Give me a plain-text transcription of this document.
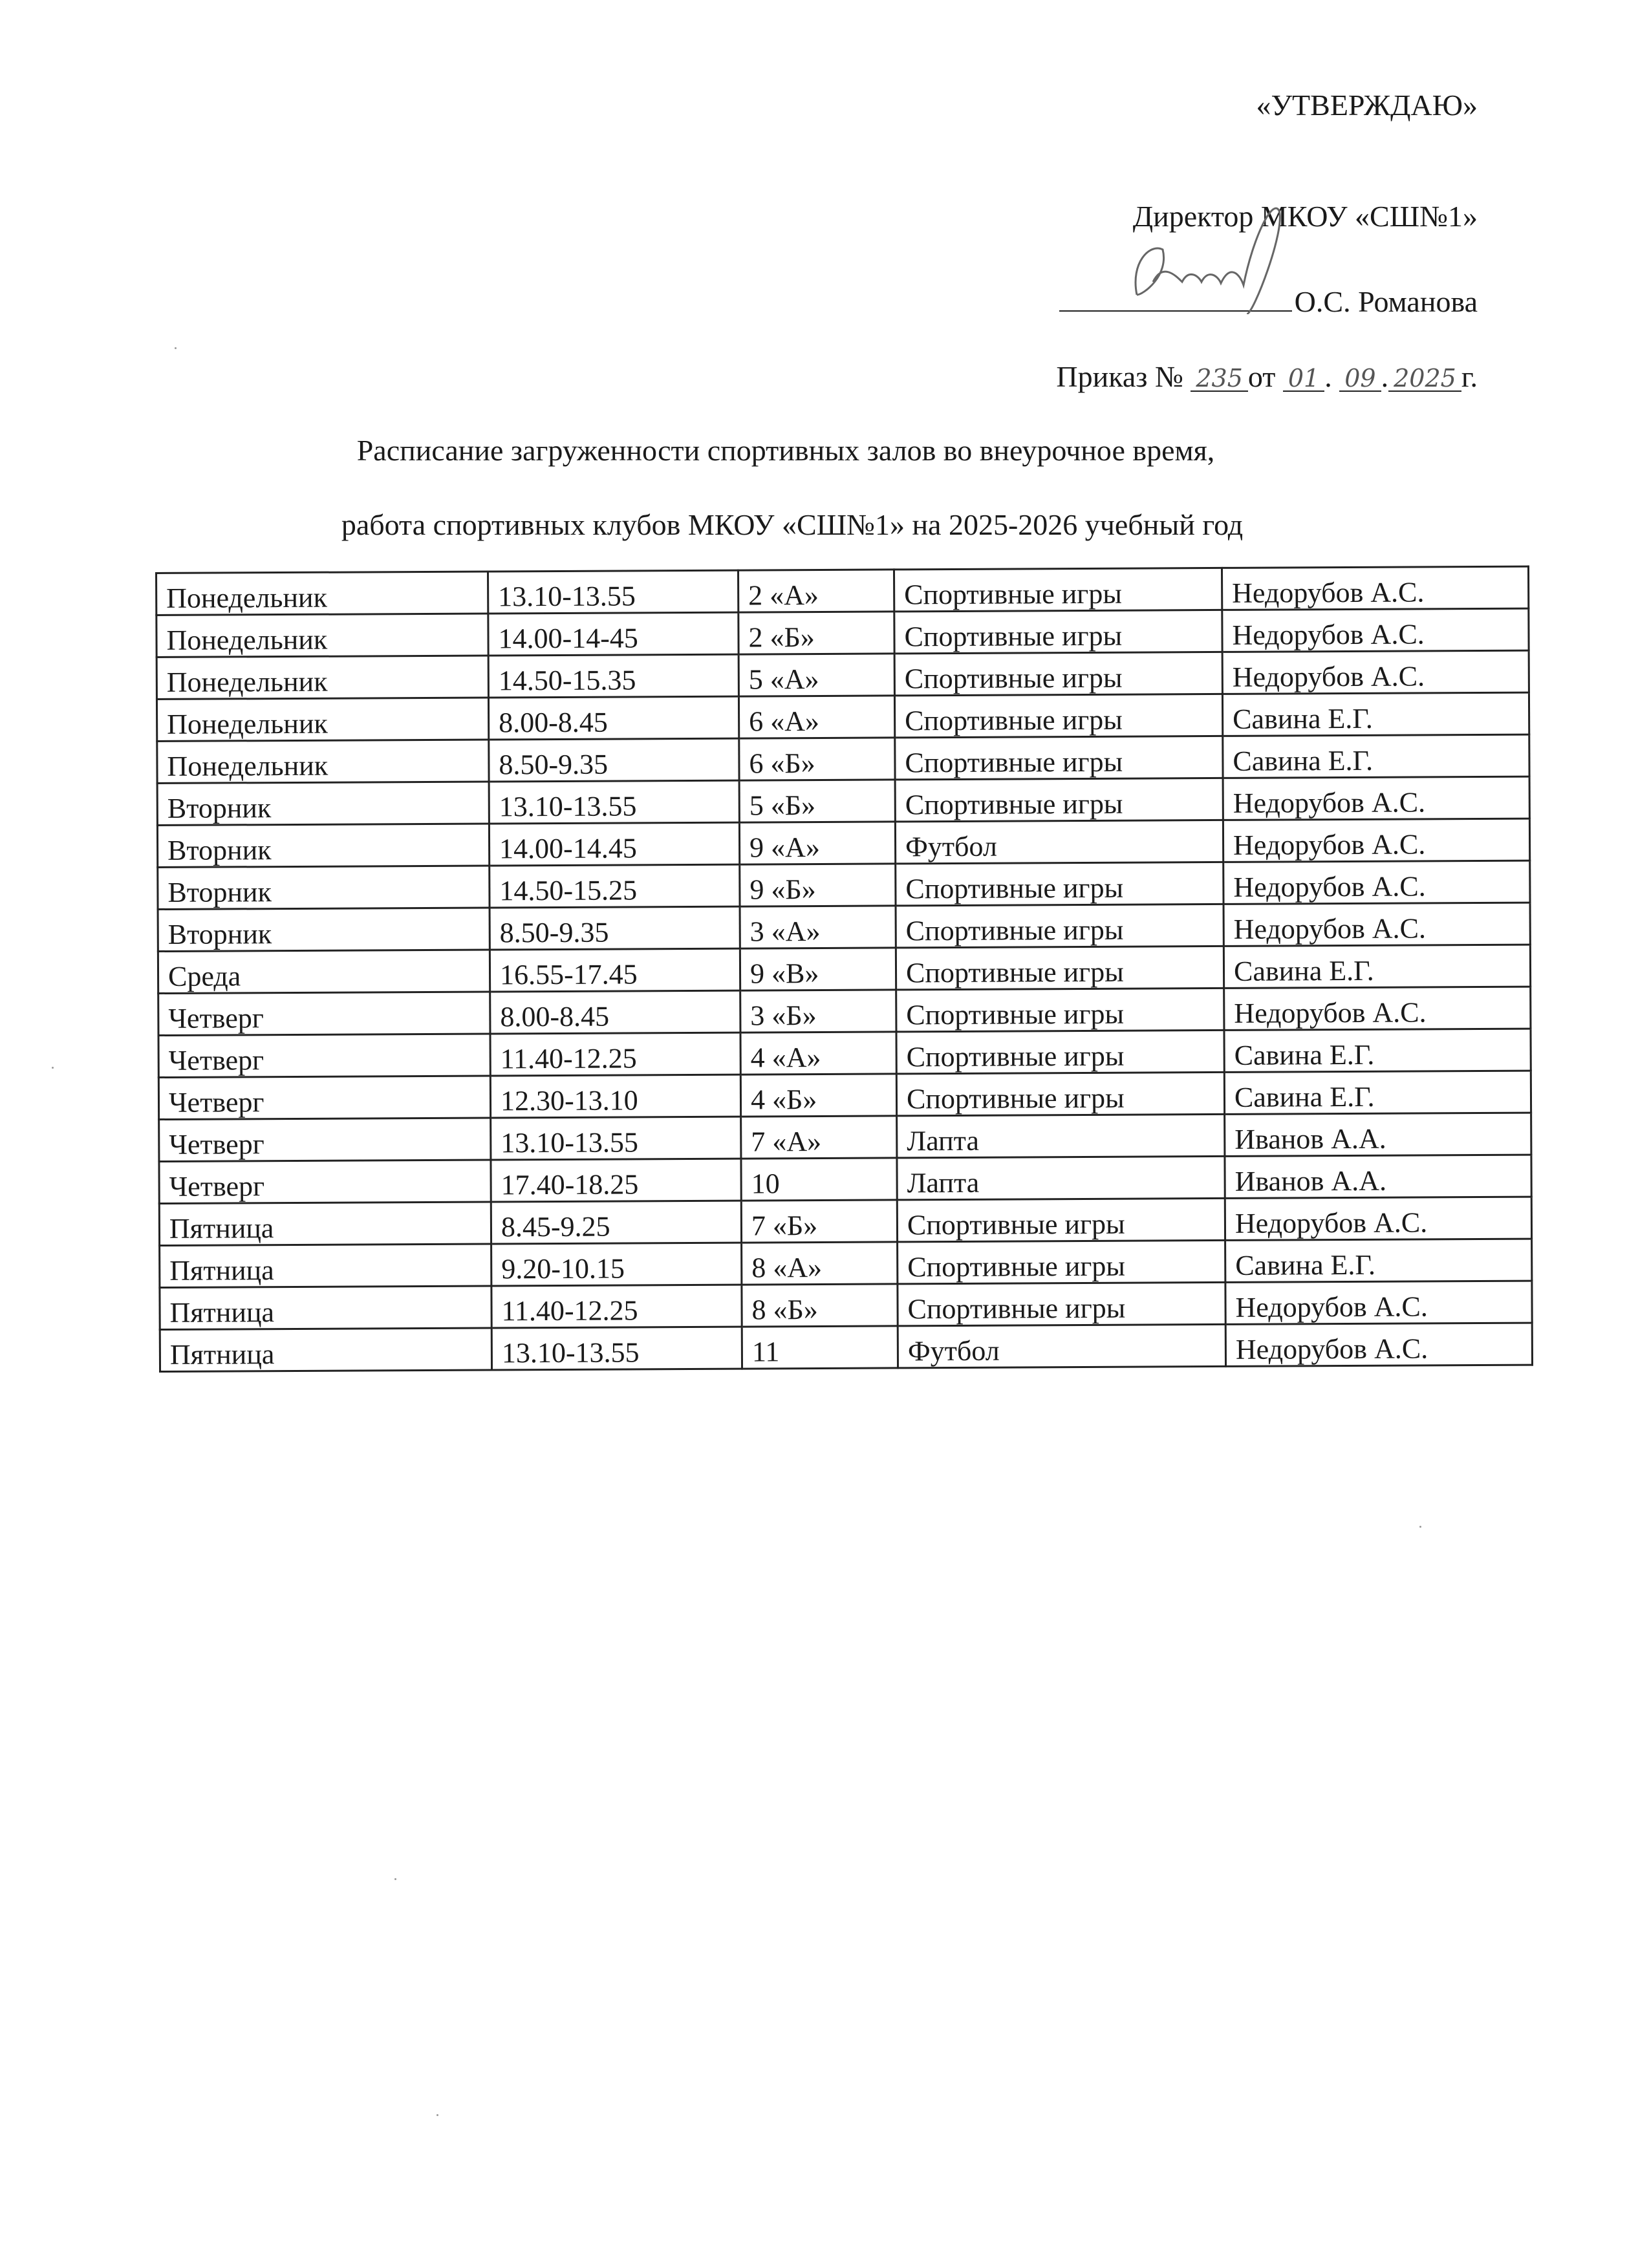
«УТВЕРЖДАЮ»
Директор МКОУ «СШ№1»
О.С. Романова
Приказ № 235 от 01 . 09 . 2025 г.
Расписание загруженности спортивных залов во внеурочное время,
работа спортивных клубов МКОУ «СШ№1» на 2025-2026 учебный год
Понедельник	13.10-13.55	2 «А»	Спортивные игры	Недорубов А.С.
Понедельник	14.00-14-45	2 «Б»	Спортивные игры	Недорубов А.С.
Понедельник	14.50-15.35	5 «А»	Спортивные игры	Недорубов А.С.
Понедельник	8.00-8.45	6 «А»	Спортивные игры	Савина Е.Г.
Понедельник	8.50-9.35	6 «Б»	Спортивные игры	Савина Е.Г.
Вторник	13.10-13.55	5 «Б»	Спортивные игры	Недорубов А.С.
Вторник	14.00-14.45	9 «А»	Футбол	Недорубов А.С.
Вторник	14.50-15.25	9 «Б»	Спортивные игры	Недорубов А.С.
Вторник	8.50-9.35	3 «А»	Спортивные игры	Недорубов А.С.
Среда	16.55-17.45	9 «В»	Спортивные игры	Савина Е.Г.
Четверг	8.00-8.45	3 «Б»	Спортивные игры	Недорубов А.С.
Четверг	11.40-12.25	4 «А»	Спортивные игры	Савина Е.Г.
Четверг	12.30-13.10	4 «Б»	Спортивные игры	Савина Е.Г.
Четверг	13.10-13.55	7 «А»	Лапта	Иванов А.А.
Четверг	17.40-18.25	10	Лапта	Иванов А.А.
Пятница	8.45-9.25	7 «Б»	Спортивные игры	Недорубов А.С.
Пятница	9.20-10.15	8 «А»	Спортивные игры	Савина Е.Г.
Пятница	11.40-12.25	8 «Б»	Спортивные игры	Недорубов А.С.
Пятница	13.10-13.55	11	Футбол	Недорубов А.С.
